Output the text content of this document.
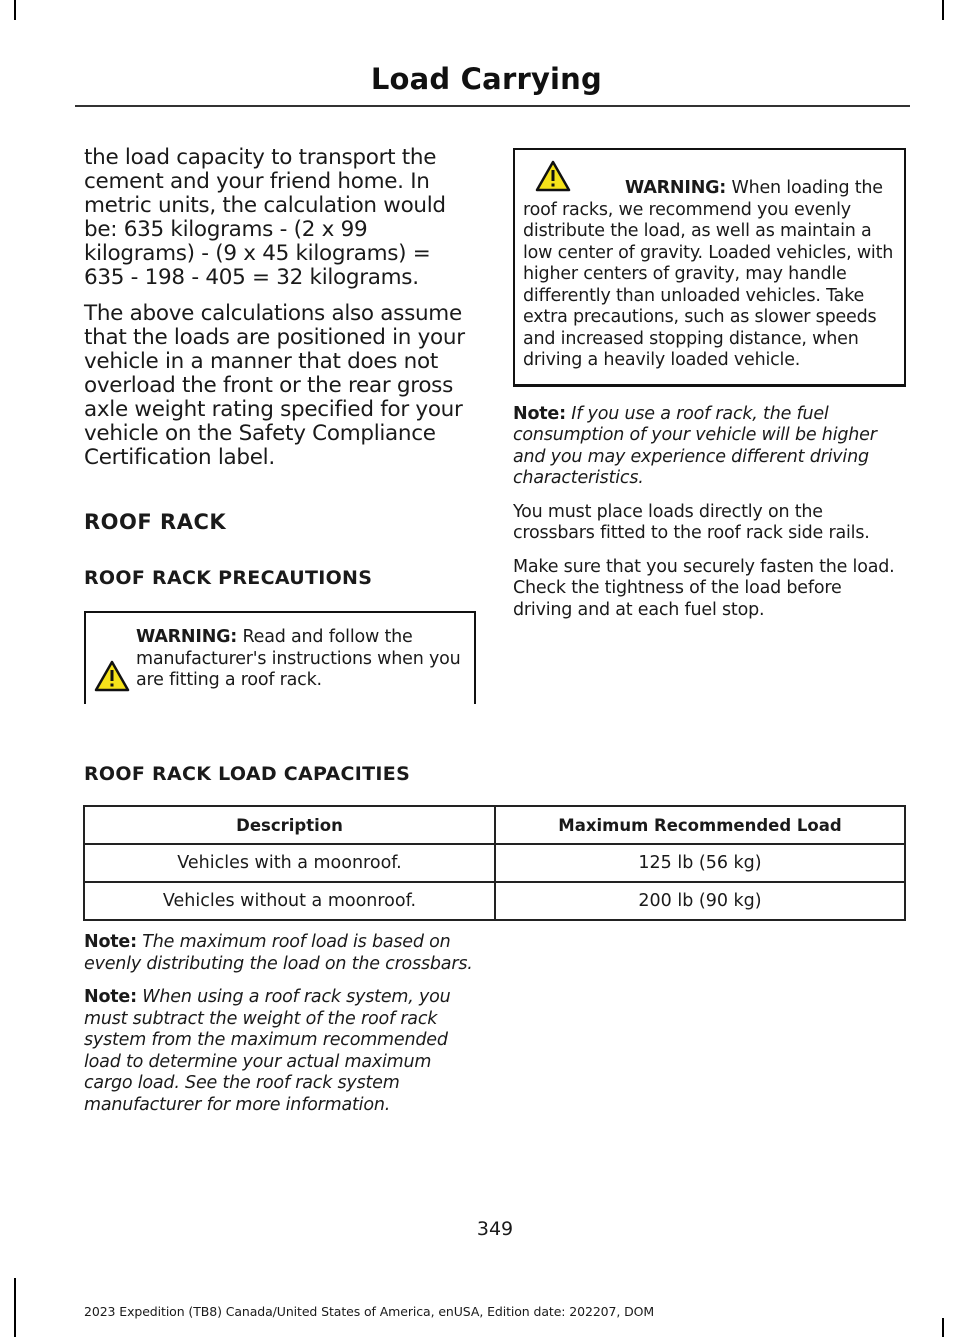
Load Carrying

the load capacity to transport the cement and your friend home. In metric units, the calculation would be: 635 kilograms - (2 x 99 kilograms) - (9 x 45 kilograms) = 635 - 198 - 405 = 32 kilograms.

The above calculations also assume that the loads are positioned in your vehicle in a manner that does not overload the front or the rear gross axle weight rating specified for your vehicle on the Safety Compliance Certification label.

ROOF RACK

ROOF RACK PRECAUTIONS

WARNING: Read and follow the manufacturer's instructions when you are fitting a roof rack.
WARNING: When loading the roof racks, we recommend you evenly distribute the load, as well as maintain a low center of gravity. Loaded vehicles, with higher centers of gravity, may handle differently than unloaded vehicles. Take extra precautions, such as slower speeds and increased stopping distance, when driving a heavily loaded vehicle.

Note: If you use a roof rack, the fuel consumption of your vehicle will be higher and you may experience different driving characteristics.

You must place loads directly on the crossbars fitted to the roof rack side rails.

Make sure that you securely fasten the load. Check the tightness of the load before driving and at each fuel stop.

ROOF RACK LOAD CAPACITIES
Description	Maximum Recommended Load
Vehicles with a moonroof.	125 lb (56 kg)
Vehicles without a moonroof.	200 lb (90 kg)

Note: The maximum roof load is based on evenly distributing the load on the crossbars.

Note: When using a roof rack system, you must subtract the weight of the roof rack system from the maximum recommended load to determine your actual maximum cargo load. See the roof rack system manufacturer for more information.

349
2023 Expedition (TB8) Canada/United States of America, enUSA, Edition date: 202207, DOM
